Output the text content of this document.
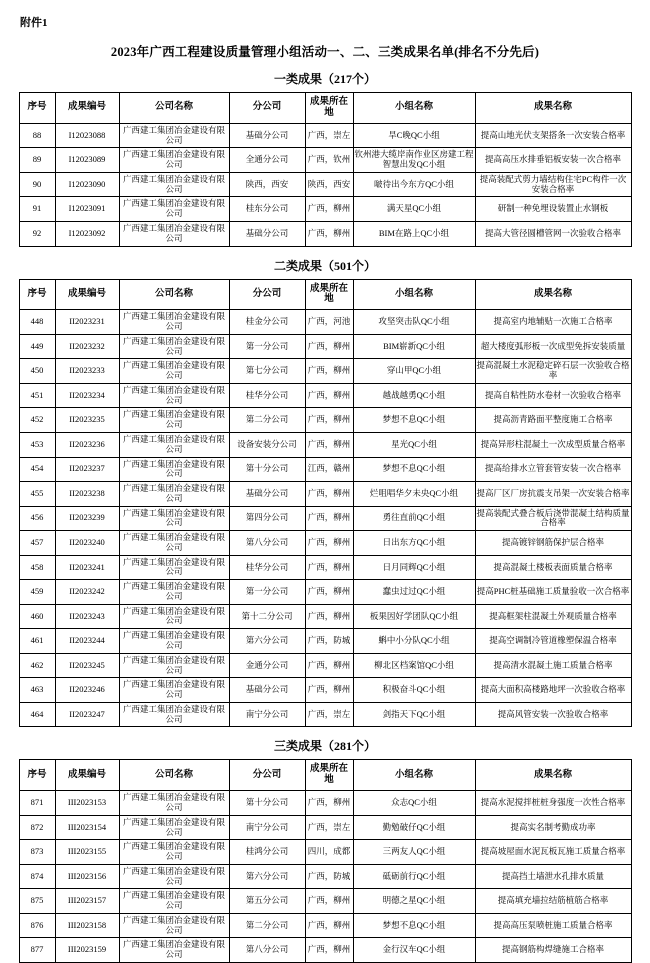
附件1
2023年广西工程建设质量管理小组活动一、二、三类成果名单(排名不分先后)
一类成果（217个）
序号	成果编号	公司名称	分公司	成果所在地	小组名称	成果名称
88	I12023088	广西建工集团冶金建设有限公司	基础分公司	广西，崇左	旱C晚QC小组	提高山地光伏支架搭条一次安装合格率
89	I12023089	广西建工集团冶金建设有限公司	全通分公司	广西，钦州	钦州港大缆岸南作业区房建工程智慧出发QC小组	提高高压水排垂铝板安装一次合格率
90	I12023090	广西建工集团冶金建设有限公司	陕西，西安	陕西，西安	啵待出今东方QC小组	提高装配式剪力墙结构住宅PC构件一次安装合格率
91	I12023091	广西建工集团冶金建设有限公司	桂东分公司	广西，柳州	满天星QC小组	研制一种免埋设装置止水钢板
92	I12023092	广西建工集团冶金建设有限公司	基础分公司	广西，柳州	BIM在路上QC小组	提高大管径圆槽管网一次验收合格率
二类成果（501个）
序号	成果编号	公司名称	分公司	成果所在地	小组名称	成果名称
448	II2023231	广西建工集团冶金建设有限公司	桂金分公司	广西，河池	攻坚突击队QC小组	提高室内地辅贴一次施工合格率
449	II2023232	广西建工集团冶金建设有限公司	第一分公司	广西，柳州	BIM崭新QC小组	超大楼度弧形板一次成型免拆安装质量
450	II2023233	广西建工集团冶金建设有限公司	第七分公司	广西，柳州	穿山甲QC小组	提高混凝土水泥稳定碎石层一次验收合格率
451	II2023234	广西建工集团冶金建设有限公司	桂华分公司	广西，柳州	越战越勇QC小组	提高自粘性防水卷材一次验收合格率
452	II2023235	广西建工集团冶金建设有限公司	第二分公司	广西，柳州	梦想不息QC小组	提高沥青路面平整度施工合格率
453	II2023236	广西建工集团冶金建设有限公司	设备安装分公司	广西，柳州	星光QC小组	提高异形柱混凝土一次成型质量合格率
454	II2023237	广西建工集团冶金建设有限公司	第十分公司	江西，赣州	梦想不息QC小组	提高给排水立管套管安装一次合格率
455	II2023238	广西建工集团冶金建设有限公司	基础分公司	广西，柳州	烂咀唱华夕未央QC小组	提高厂区厂房抗震支吊架一次安装合格率
456	II2023239	广西建工集团冶金建设有限公司	第四分公司	广西，柳州	勇往直前QC小组	提高装配式叠合板后浇带混凝土结构质量合格率
457	II2023240	广西建工集团冶金建设有限公司	第八分公司	广西，柳州	日出东方QC小组	提高镀锌钢筋保护层合格率
458	II2023241	广西建工集团冶金建设有限公司	桂华分公司	广西，柳州	日月同辉QC小组	提高混凝土楼板表面质量合格率
459	II2023242	广西建工集团冶金建设有限公司	第一分公司	广西，柳州	蠢虫过过QC小组	提高PHC桩基础施工质量验收一次合格率
460	II2023243	广西建工集团冶金建设有限公司	第十二分公司	广西，柳州	板果因好学团队QC小组	提高框架柱混凝土外观质量合格率
461	II2023244	广西建工集团冶金建设有限公司	第六分公司	广西，防城	蝌中小分队QC小组	提高空调制冷管道橡塑保温合格率
462	II2023245	广西建工集团冶金建设有限公司	金通分公司	广西，柳州	柳北区档案馆QC小组	提高清水混凝土施工质量合格率
463	II2023246	广西建工集团冶金建设有限公司	基础分公司	广西，柳州	积极奋斗QC小组	提高大面积高楼路地坪一次验收合格率
464	II2023247	广西建工集团冶金建设有限公司	南宁分公司	广西，崇左	剑指天下QC小组	提高风管安装一次验收合格率
三类成果（281个）
序号	成果编号	公司名称	分公司	成果所在地	小组名称	成果名称
871	III2023153	广西建工集团冶金建设有限公司	第十分公司	广西，柳州	众志QC小组	提高水泥搅拌桩桩身强度一次性合格率
872	III2023154	广西建工集团冶金建设有限公司	南宁分公司	广西，崇左	勤勉破仔QC小组	提高实名制考勤成功率
873	III2023155	广西建工集团冶金建设有限公司	桂鸿分公司	四川，成都	三两友人QC小组	提高坡屋面水泥瓦板瓦施工质量合格率
874	III2023156	广西建工集团冶金建设有限公司	第六分公司	广西，防城	砥砺前行QC小组	提高挡土墙泄水孔排水质量
875	III2023157	广西建工集团冶金建设有限公司	第五分公司	广西，柳州	明德之星QC小组	提高填充墙拉结筋植筋合格率
876	III2023158	广西建工集团冶金建设有限公司	第二分公司	广西，柳州	梦想不息QC小组	提高高压泵喷桩施工质量合格率
877	III2023159	广西建工集团冶金建设有限公司	第八分公司	广西，柳州	金行汉车QC小组	提高钢筋构焊缝施工合格率
